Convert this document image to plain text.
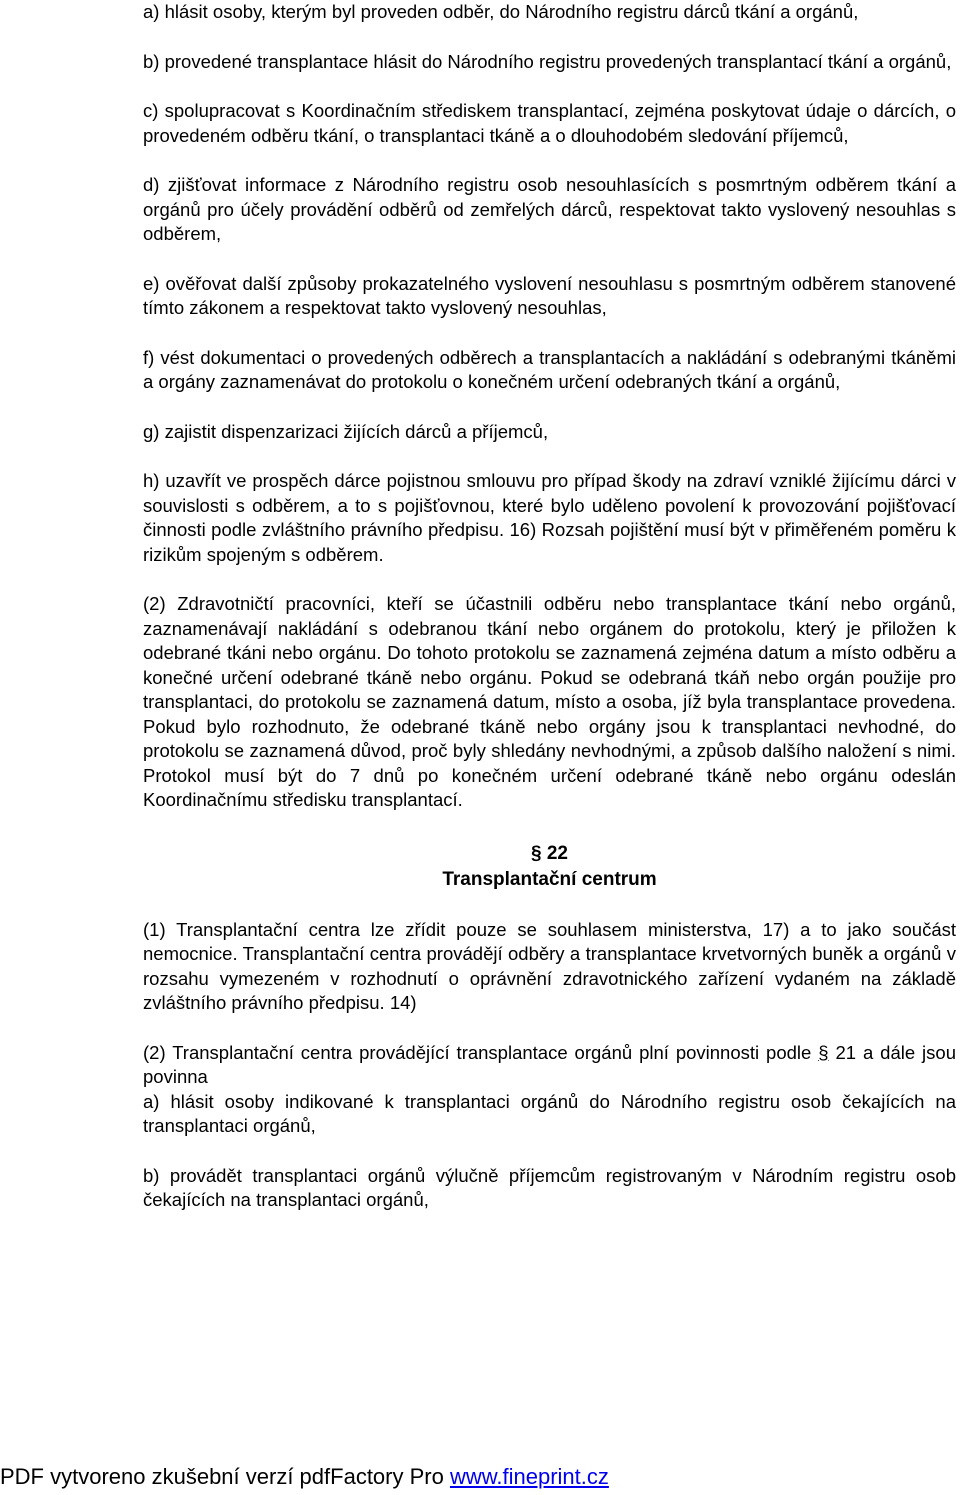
a) hlásit osoby, kterým byl proveden odběr, do Národního registru dárců tkání a orgánů,

b) provedené transplantace hlásit do Národního registru provedených transplantací tkání a orgánů,

c) spolupracovat s Koordinačním střediskem transplantací, zejména poskytovat údaje o dárcích, o provedeném odběru tkání, o transplantaci tkáně a o dlouhodobém sledování příjemců,

d) zjišťovat informace z Národního registru osob nesouhlasících s posmrtným odběrem tkání a orgánů pro účely provádění odběrů od zemřelých dárců, respektovat takto vyslovený nesouhlas s odběrem,

e) ověřovat další způsoby prokazatelného vyslovení nesouhlasu s posmrtným odběrem stanovené tímto zákonem a respektovat takto vyslovený nesouhlas,

f) vést dokumentaci o provedených odběrech a transplantacích a nakládání s odebranými tkáněmi a orgány zaznamenávat do protokolu o konečném určení odebraných tkání a orgánů,

g) zajistit dispenzarizaci žijících dárců a příjemců,

h) uzavřít ve prospěch dárce pojistnou smlouvu pro případ škody na zdraví vzniklé žijícímu dárci v souvislosti s odběrem, a to s pojišťovnou, které bylo uděleno povolení k provozování pojišťovací činnosti podle zvláštního právního předpisu. 16) Rozsah pojištění musí být v přiměřeném poměru k rizikům spojeným s odběrem.

(2) Zdravotničtí pracovníci, kteří se účastnili odběru nebo transplantace tkání nebo orgánů, zaznamenávají nakládání s odebranou tkání nebo orgánem do protokolu, který je přiložen k odebrané tkáni nebo orgánu. Do tohoto protokolu se zaznamená zejména datum a místo odběru a konečné určení odebrané tkáně nebo orgánu. Pokud se odebraná tkáň nebo orgán použije pro transplantaci, do protokolu se zaznamená datum, místo a osoba, jíž byla transplantace provedena. Pokud bylo rozhodnuto, že odebrané tkáně nebo orgány jsou k transplantaci nevhodné, do protokolu se zaznamená důvod, proč byly shledány nevhodnými, a způsob dalšího naložení s nimi. Protokol musí být do 7 dnů po konečném určení odebrané tkáně nebo orgánu odeslán Koordinačnímu středisku transplantací.

§ 22

Transplantační centrum

(1) Transplantační centra lze zřídit pouze se souhlasem ministerstva, 17) a to jako součást nemocnice. Transplantační centra provádějí odběry a transplantace krvetvorných buněk a orgánů v rozsahu vymezeném v rozhodnutí o oprávnění zdravotnického zařízení vydaném na základě zvláštního právního předpisu. 14)

(2) Transplantační centra provádějící transplantace orgánů plní povinnosti podle § 21 a dále jsou povinna

a) hlásit osoby indikované k transplantaci orgánů do Národního registru osob čekajících na transplantaci orgánů,

b) provádět transplantaci orgánů výlučně příjemcům registrovaným v Národním registru osob čekajících na transplantaci orgánů,

PDF vytvoreno zkušební verzí pdfFactory Pro www.fineprint.cz
